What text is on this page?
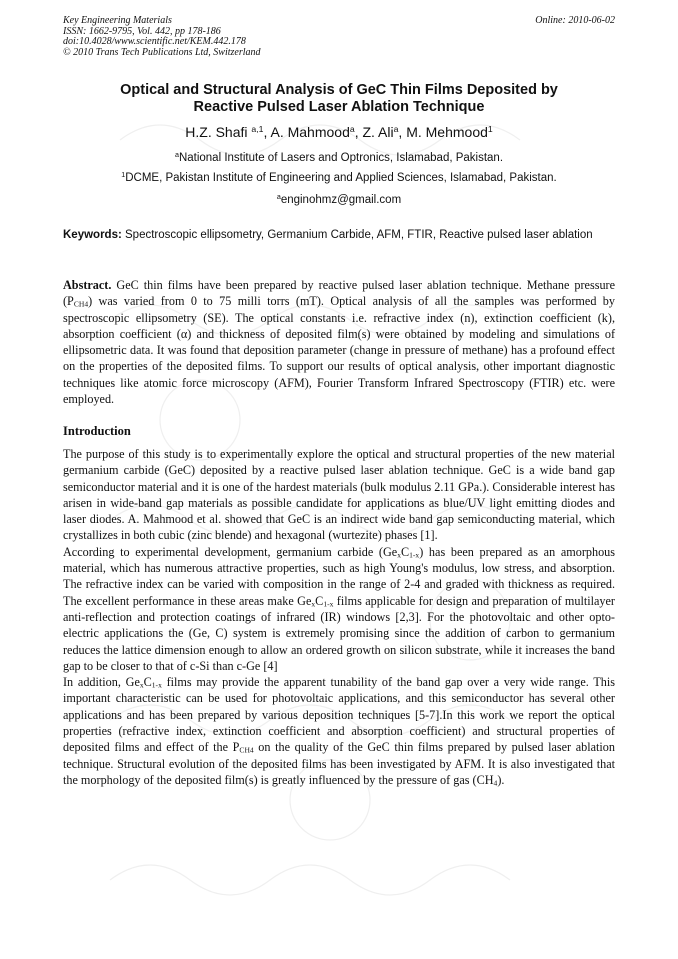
Key Engineering Materials
ISSN: 1662-9795, Vol. 442, pp 178-186
doi:10.4028/www.scientific.net/KEM.442.178
© 2010 Trans Tech Publications Ltd, Switzerland
Online: 2010-06-02
Optical and Structural Analysis of GeC Thin Films Deposited by
Reactive Pulsed Laser Ablation Technique
H.Z. Shafi $^{a,1}$, A. Mahmood$^a$, Z. Ali$^a$, M. Mehmood$^1$
$^a$National Institute of Lasers and Optronics, Islamabad, Pakistan.
$^1$DCME, Pakistan Institute of Engineering and Applied Sciences, Islamabad, Pakistan.
$^a$enginohmz@gmail.com
Keywords: Spectroscopic ellipsometry, Germanium Carbide, AFM, FTIR, Reactive pulsed laser ablation
Abstract. GeC thin films have been prepared by reactive pulsed laser ablation technique. Methane pressure $(P_{CH4})$ was varied from 0 to 75 milli torrs (mT). Optical analysis of all the samples was performed by spectroscopic ellipsometry (SE). The optical constants i.e. refractive index (n), extinction coefficient (k), absorption coefficient (α) and thickness of deposited film(s) were obtained by modeling and simulations of ellipsometric data. It was found that deposition parameter (change in pressure of methane) has a profound effect on the properties of the deposited films. To support our results of optical analysis, other important diagnostic techniques like atomic force microscopy (AFM), Fourier Transform Infrared Spectroscopy (FTIR) etc. were employed.
Introduction

The purpose of this study is to experimentally explore the optical and structural properties of the new material germanium carbide (GeC) deposited by a reactive pulsed laser ablation technique. GeC is a wide band gap semiconductor material and it is one of the hardest materials (bulk modulus 2.11 GPa.). Considerable interest has arisen in wide-band gap materials as possible candidate for applications as blue/UV light emitting diodes and laser diodes. A. Mahmood et al. showed that GeC is an indirect wide band gap semiconducting material, which crystallizes in both cubic (zinc blende) and hexagonal (wurtezite) phases [1].

According to experimental development, germanium carbide $(Ge_xC_{1-x})$ has been prepared as an amorphous material, which has numerous attractive properties, such as high Young's modulus, low stress, and absorption. The refractive index can be varied with composition in the range of 2-4 and graded with thickness as required. The excellent performance in these areas make $Ge_xC_{1-x}$ films applicable for design and preparation of multilayer anti-reflection and protection coatings of infrared (IR) windows [2,3]. For the photovoltaic and other opto-electric applications the (Ge, C) system is extremely promising since the addition of carbon to germanium reduces the lattice dimension enough to allow an ordered growth on silicon substrate, while it increases the band gap to be closer to that of c-Si than c-Ge [4]

In addition, $Ge_xC_{1-x}$ films may provide the apparent tunability of the band gap over a very wide range. This important characteristic can be used for photovoltaic applications, and this semiconductor has several other applications and has been prepared by various deposition techniques [5-7].In this work we report the optical properties (refractive index, extinction coefficient and absorption coefficient) and structural properties of deposited films and effect of the $P_{CH4}$ on the quality of the GeC thin films prepared by pulsed laser ablation technique. Structural evolution of the deposited films has been investigated by AFM. It is also investigated that the morphology of the deposited film(s) is greatly influenced by the pressure of gas $(CH_4)$.
